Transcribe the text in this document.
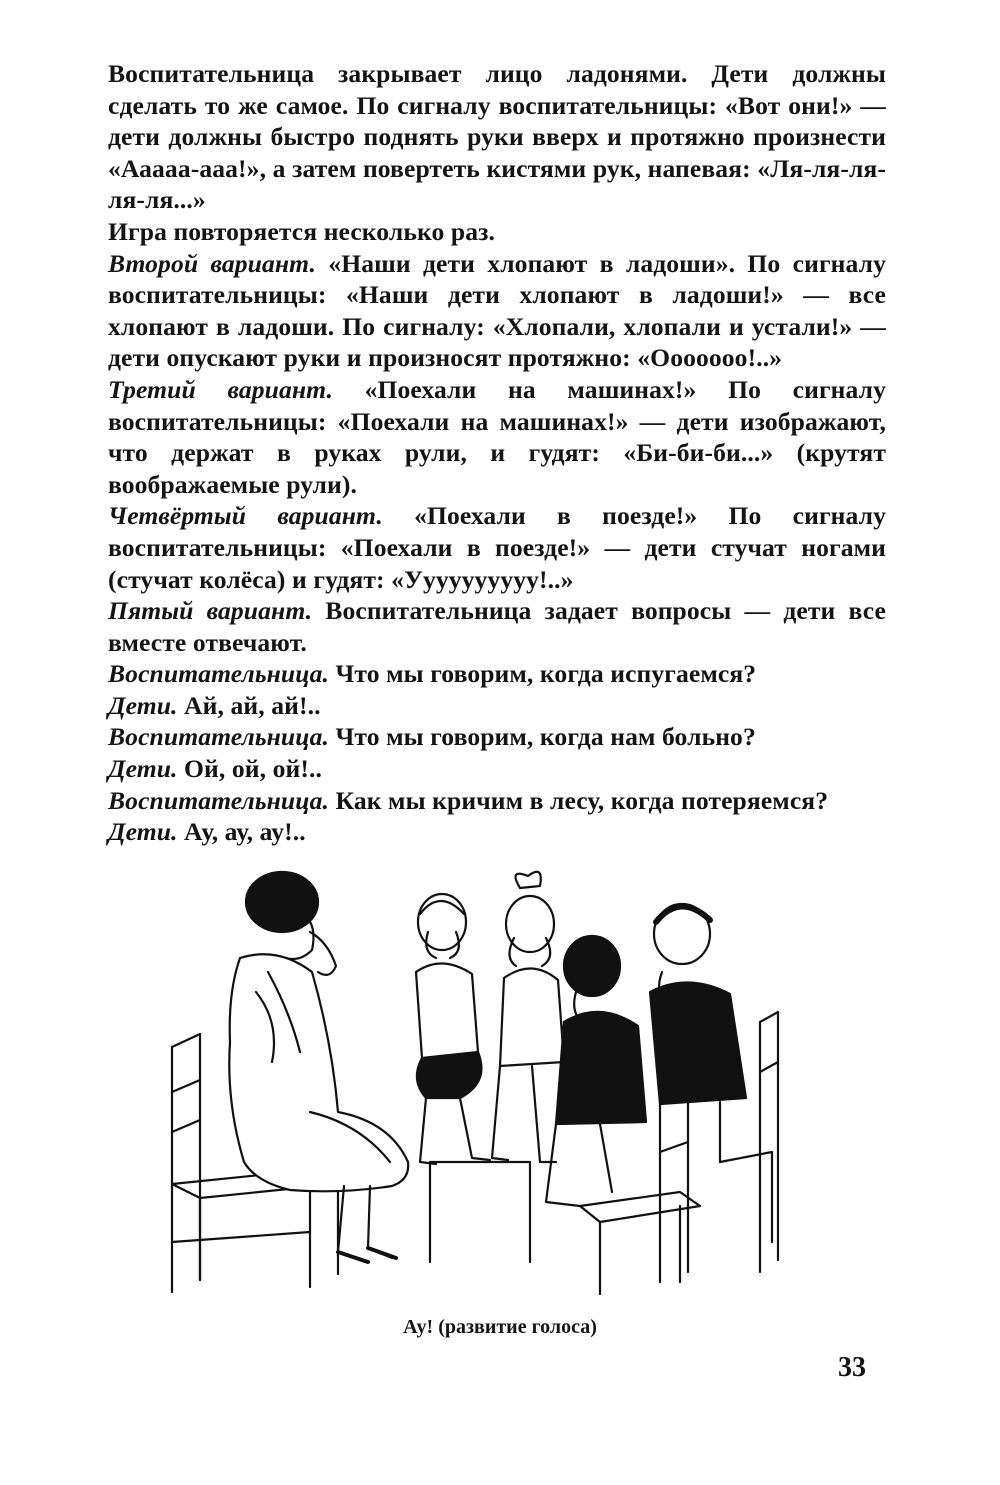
Воспитательница закрывает лицо ладонями. Дети должны сделать то же самое. По сигналу воспитательницы: «Вот они!» — дети должны быстро поднять руки вверх и протяжно произнести «Ааааа-ааа!», а затем повертеть кистями рук, напевая: «Ля-ля-ля-ля-ля...»

Игра повторяется несколько раз.

Второй вариант. «Наши дети хлопают в ладоши». По сигналу воспитательницы: «Наши дети хлопают в ладоши!» — все хлопают в ладоши. По сигналу: «Хлопали, хлопали и устали!» — дети опускают руки и произносят протяжно: «Ооооооо!..»

Третий вариант. «Поехали на машинах!» По сигналу воспитательницы: «Поехали на машинах!» — дети изображают, что держат в руках рули, и гудят: «Би-би-би...» (крутят воображаемые рули).

Четвёртый вариант. «Поехали в поезде!» По сигналу воспитательницы: «Поехали в поезде!» — дети стучат ногами (стучат колёса) и гудят: «Уууууууууу!..»

Пятый вариант. Воспитательница задает вопросы — дети все вместе отвечают.

Воспитательница. Что мы говорим, когда испугаемся?

Дети. Ай, ай, ай!..

Воспитательница. Что мы говорим, когда нам больно?

Дети. Ой, ой, ой!..

Воспитательница. Как мы кричим в лесу, когда потеряемся?

Дети. Ау, ау, ау!..

Ау! (развитие голоса)
33
